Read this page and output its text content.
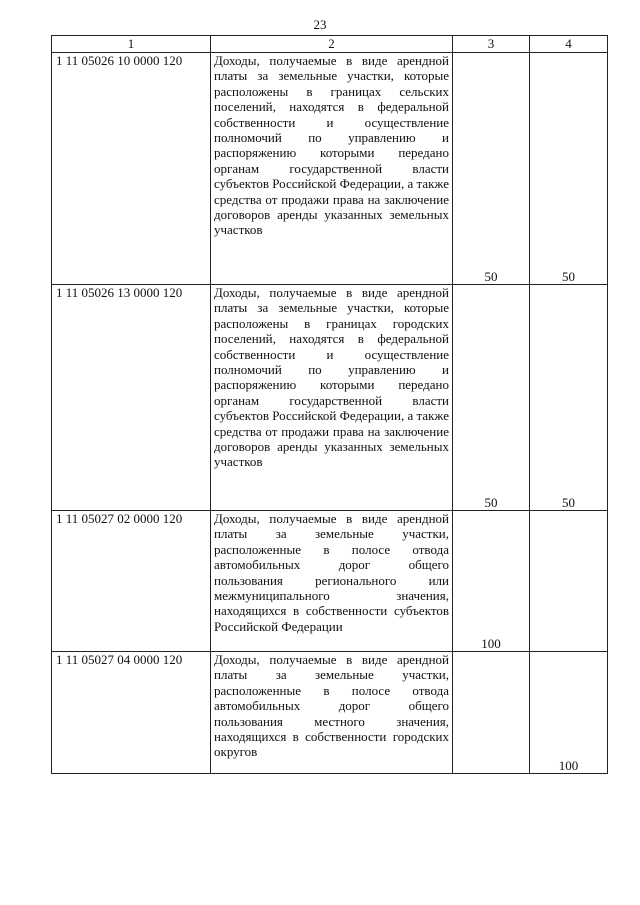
23
1	2	3	4
1 11 05026 10 0000 120	Доходы, получаемые в виде арендной платы за земельные участки, которые расположены в границах сельских поселений, находятся в федеральной собственности и осуществление полномочий по управлению и распоряжению которыми передано органам государственной власти субъектов Российской Федерации, а также средства от продажи права на заключение договоров аренды указанных земельных участков	50	50

1 11 05026 13 0000 120	Доходы, получаемые в виде арендной платы за земельные участки, которые расположены в границах городских поселений, находятся в федеральной собственности и осуществление полномочий по управлению и распоряжению которыми передано органам государственной власти субъектов Российской Федерации, а также средства от продажи права на заключение договоров аренды указанных земельных участков	50	50

1 11 05027 02 0000 120	Доходы, получаемые в виде арендной платы за земельные участки, расположенные в полосе отвода автомобильных дорог общего пользования регионального или межмуниципального значения, находящихся в собственности субъектов Российской Федерации	100	

1 11 05027 04 0000 120	Доходы, получаемые в виде арендной платы за земельные участки, расположенные в полосе отвода автомобильных дорог общего пользования местного значения, находящихся в собственности городских округов		100
